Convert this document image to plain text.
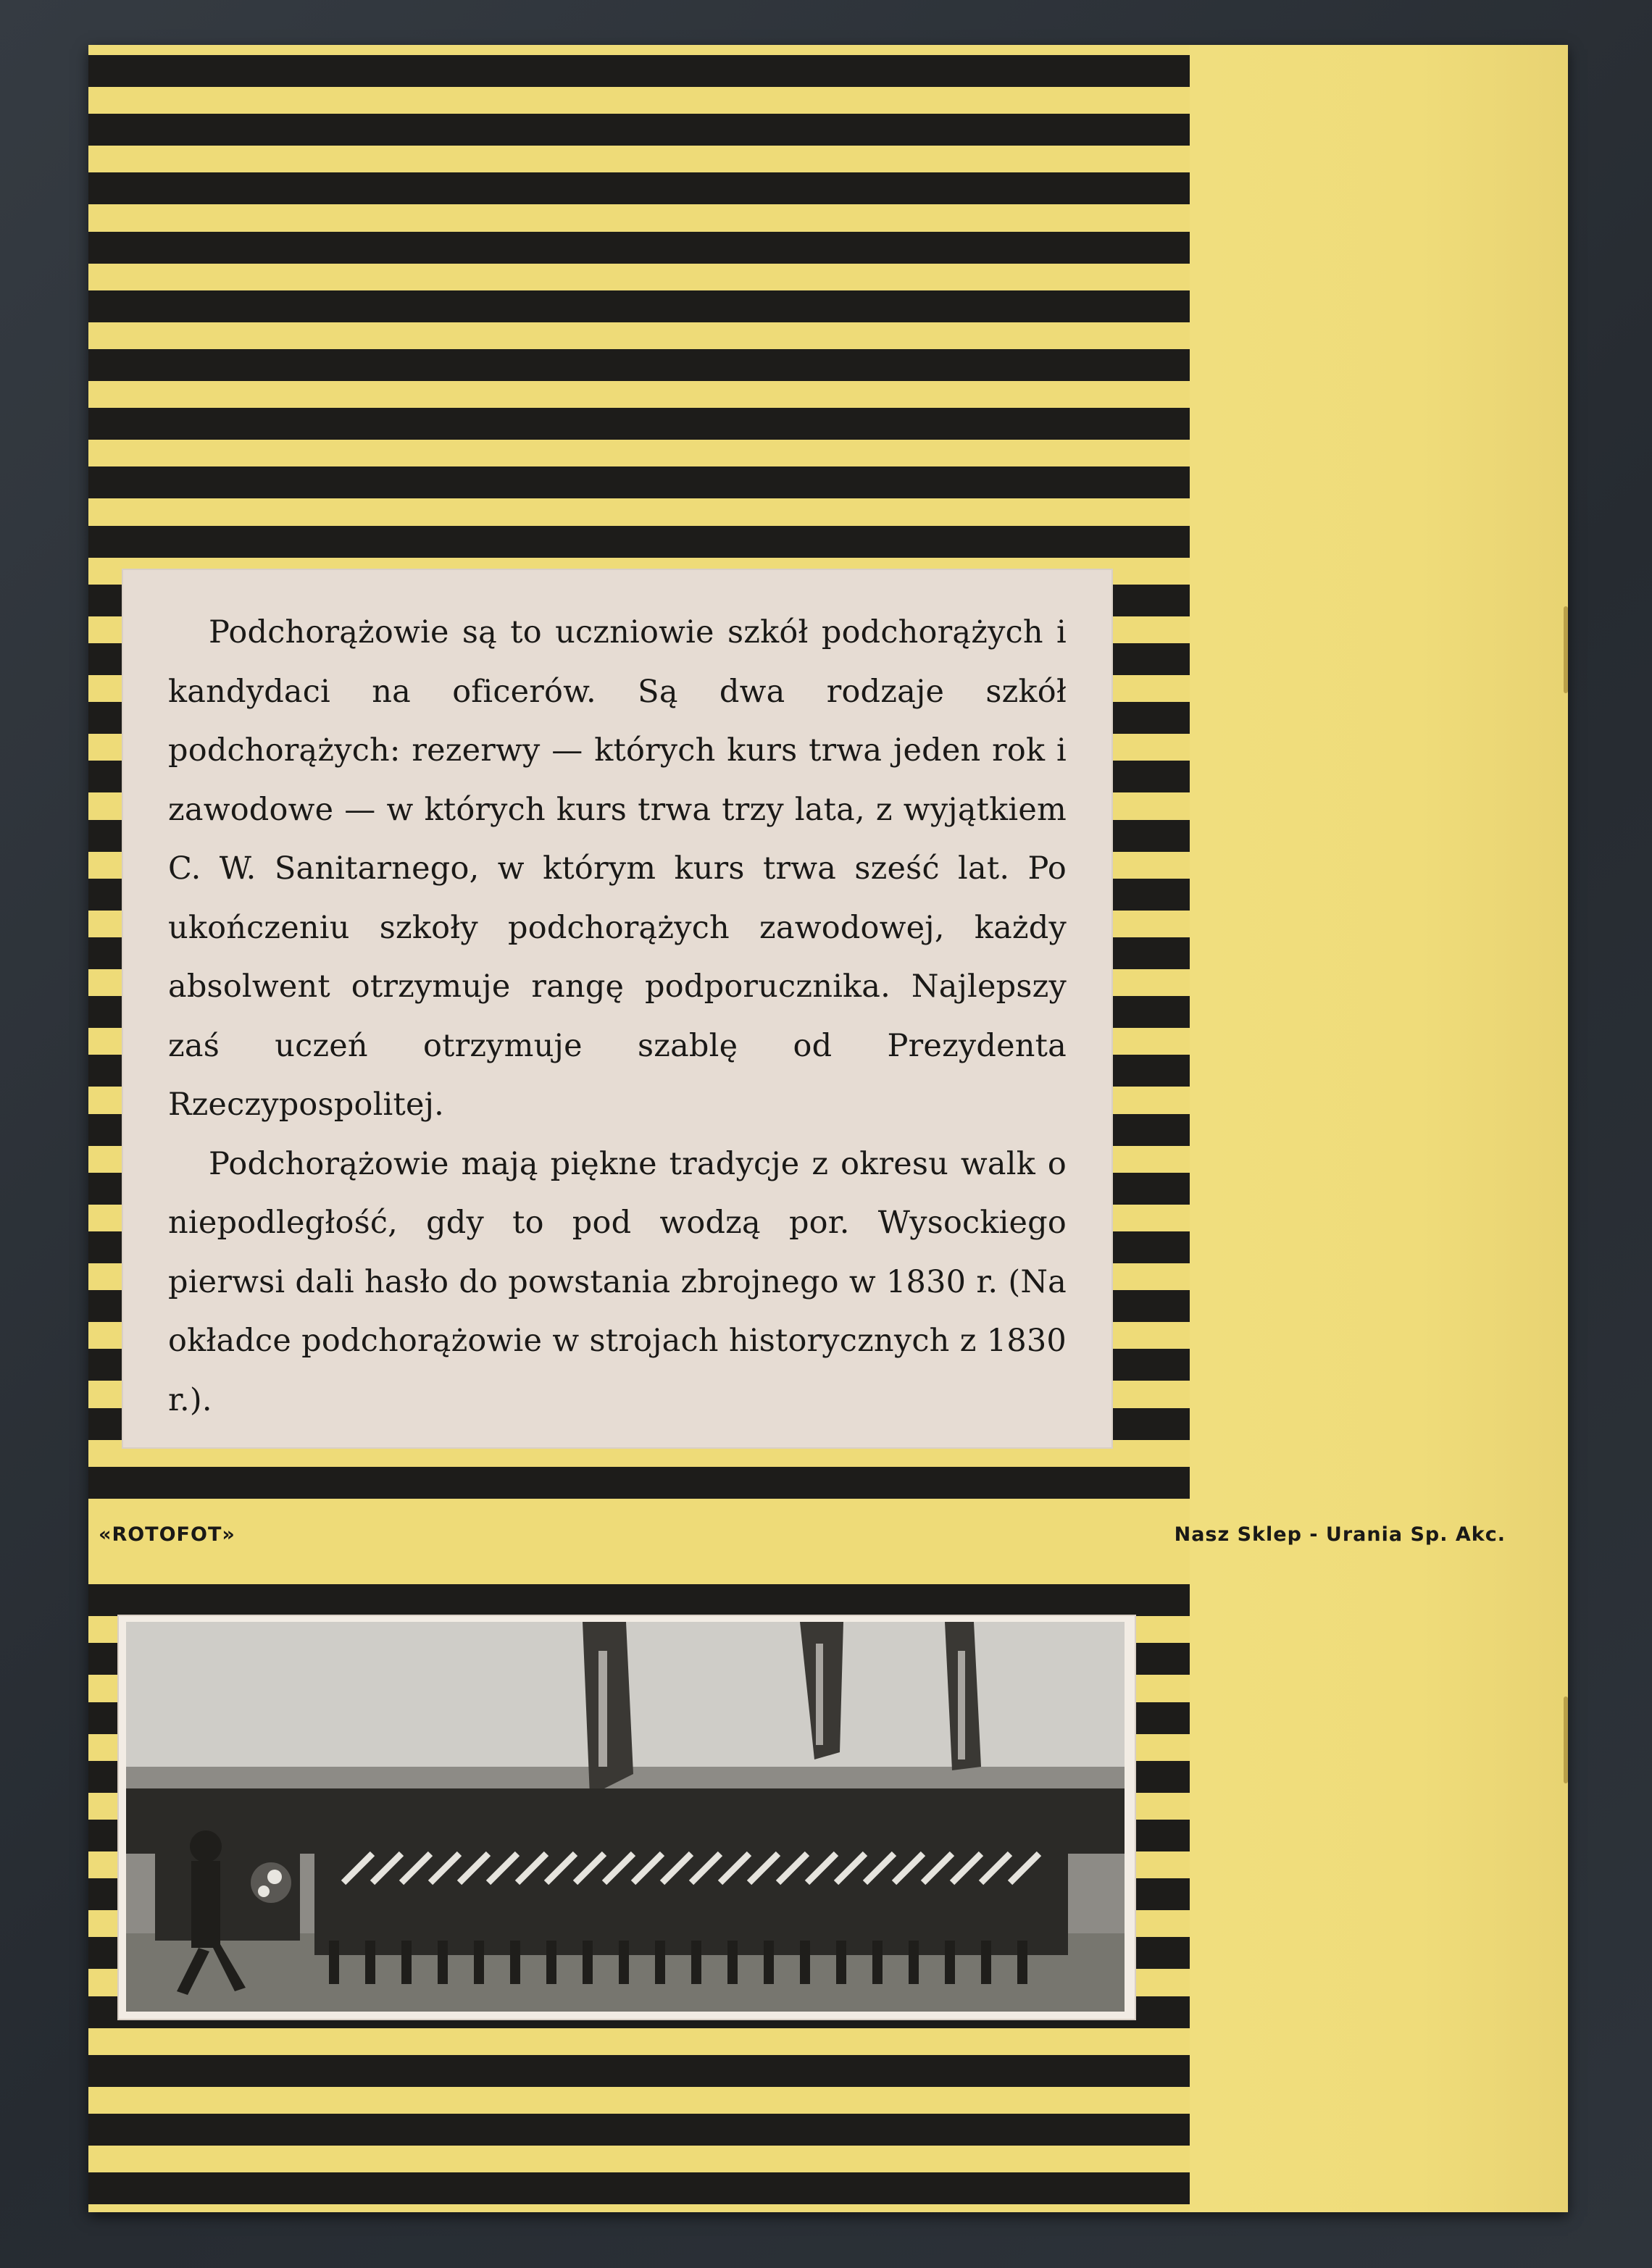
Podchorążowie są to uczniowie szkół podchorążych i kandydaci na oficerów. Są dwa rodzaje szkół podchorążych: rezerwy — których kurs trwa jeden rok i zawodowe — w których kurs trwa trzy lata, z wyjątkiem C. W. Sanitarnego, w którym kurs trwa sześć lat. Po ukończeniu szkoły podchorążych zawodowej, każdy absolwent otrzymuje rangę podporucznika. Najlepszy zaś uczeń otrzymuje szablę od Prezydenta Rzeczypospolitej.

Podchorążowie mają piękne tradycje z okresu walk o niepodległość, gdy to pod wodzą por. Wysockiego pierwsi dali hasło do powstania zbrojnego w 1830 r. (Na okładce podchorążowie w strojach historycznych z 1830 r.).

«ROTOFOT»	Nasz Sklep - Urania Sp. Akc.
